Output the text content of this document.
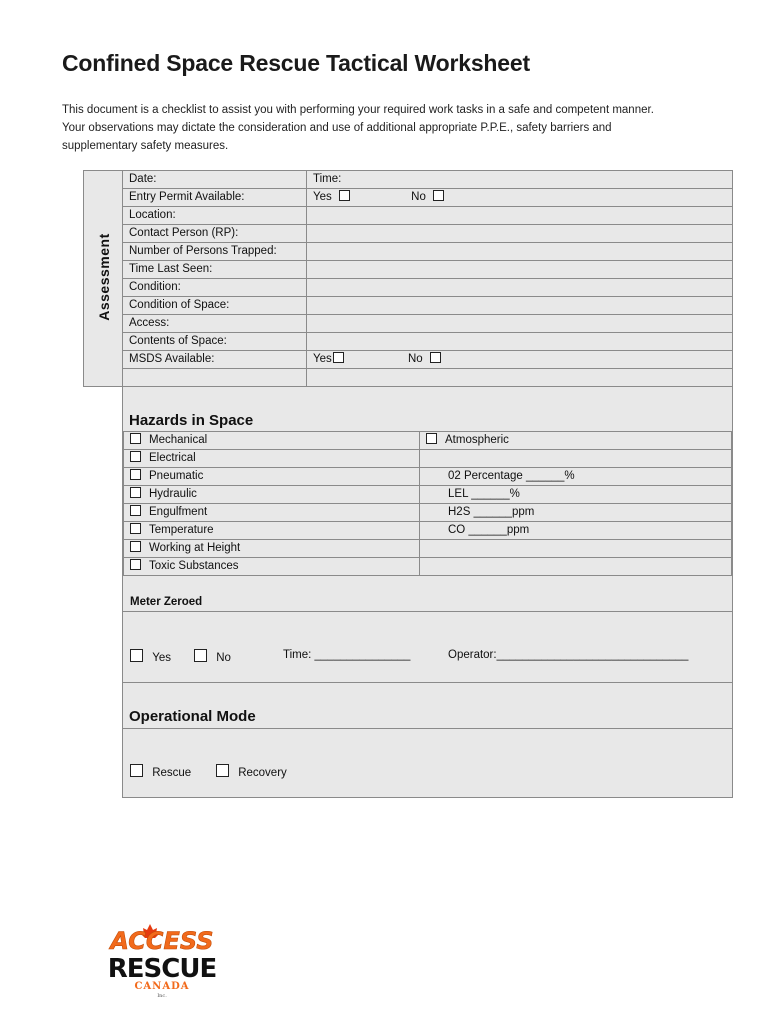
Confined Space Rescue Tactical Worksheet
This document is a checklist to assist you with performing your required work tasks in a safe and competent manner.
Your observations may dictate the consideration and use of additional appropriate P.P.E., safety barriers and
supplementary safety measures.
Assessment
Date:	Time:
Entry Permit Available:	Yes No
Location:	
Contact Person (RP):	
Number of Persons Trapped:	
Time Last Seen:	
Condition:	
Condition of Space:	
Access:	
Contents of Space:	
MSDS Available:	Yes No

Hazards in Space
Mechanical	Atmospheric
Electrical	
Pneumatic	02 Percentage ______%
Hydraulic	LEL ______%
Engulfment	H2S ______ppm
Temperature	CO ______ppm
Working at Height	
Toxic Substances	
Meter Zeroed
Yes	No	Time: _______________	Operator:______________________________
Operational Mode
Rescue	Recovery
ACCESS
RESCUE
CANADA
Inc.
